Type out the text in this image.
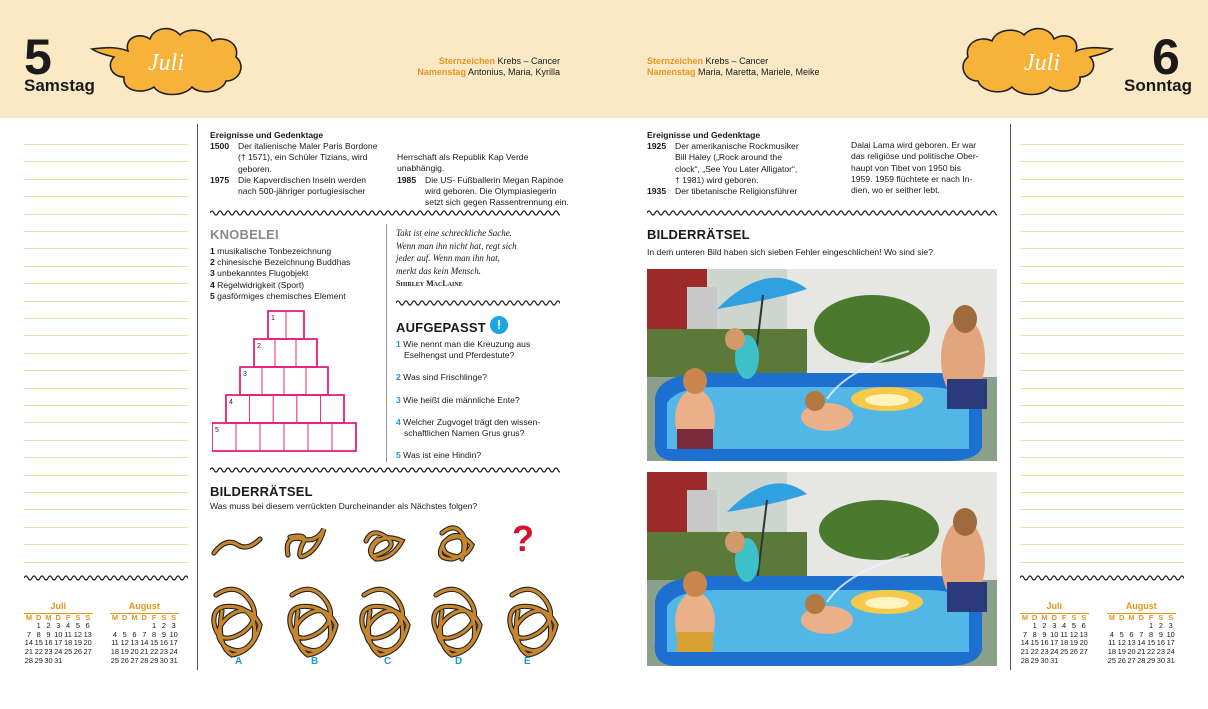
5
Samstag
Juli	Sternzeichen Krebs – Cancer
Namenstag Antonius, Maria, Kyrilla
Sternzeichen Krebs – Cancer
Namenstag Maria, Maretta, Mariele, Meike	Juli 6
Sonntag
Ereignisse und Gedenktage
1500	Der italienische Maler Paris Bordone
(† 1571), ein Schüler Tizians, wird
geboren.
1975	Die Kapverdischen Inseln werden
nach 500-jähriger portugiesischer
Herrschaft als Republik Kap Verde
unabhängig.
1985	Die US- Fußballerin Megan Rapinoe
wird geboren. Die Olympiasiegerin
setzt sich gegen Rassentrennung ein.
KNOBELEI
1 musikalische Tonbezeichnung
2 chinesische Bezeichnung Buddhas
3 unbekanntes Flugobjekt
4 Regelwidrigkeit (Sport)
5 gasförmiges chemisches Element
1
2
3
4
5
Takt ist eine schreckliche Sache.
Wenn man ihn nicht hat, regt sich
jeder auf. Wenn man ihn hat,
merkt das kein Mensch.
Shirley MacLaine
AUFGEPASST !
1 Wie nennt man die Kreuzung aus
Eselhengst und Pferdestute?
2 Was sind Frischlinge?
3 Wie heißt die männliche Ente?
4 Welcher Zugvogel trägt den wissen-
schaftlichen Namen Grus grus?
5 Was ist eine Hindin?
BILDERRÄTSEL
Was muss bei diesem verrückten Durcheinander als Nächstes folgen?
?
A	B	C	D	E
Ereignisse und Gedenktage
1925	Der amerikanische Rockmusiker
Bill Haley („Rock around the
clock“, „See You Later Alligator“,
† 1981) wird geboren.
1935	Der tibetanische Religionsführer
Dalai Lama wird geboren. Er war
das religiöse und politische Ober-
haupt von Tibet von 1950 bis
1959. 1959 flüchtete er nach In-
dien, wo er seither lebt.
BILDERRÄTSEL
In dem unteren Bild haben sich sieben Fehler eingeschlichen! Wo sind sie?
Juli
M	D	M	D	F	S	S
	1	2	3	4	5	6
7	8	9	10	11	12	13
14	15	16	17	18	19	20
21	22	23	24	25	26	27
28	29	30	31			
August
M	D	M	D	F	S	S
				1	2	3
4	5	6	7	8	9	10
11	12	13	14	15	16	17
18	19	20	21	22	23	24
25	26	27	28	29	30	31
Juli
M	D	M	D	F	S	S
	1	2	3	4	5	6
7	8	9	10	11	12	13
14	15	16	17	18	19	20
21	22	23	24	25	26	27
28	29	30	31			
August
M	D	M	D	F	S	S
				1	2	3
4	5	6	7	8	9	10
11	12	13	14	15	16	17
18	19	20	21	22	23	24
25	26	27	28	29	30	31
